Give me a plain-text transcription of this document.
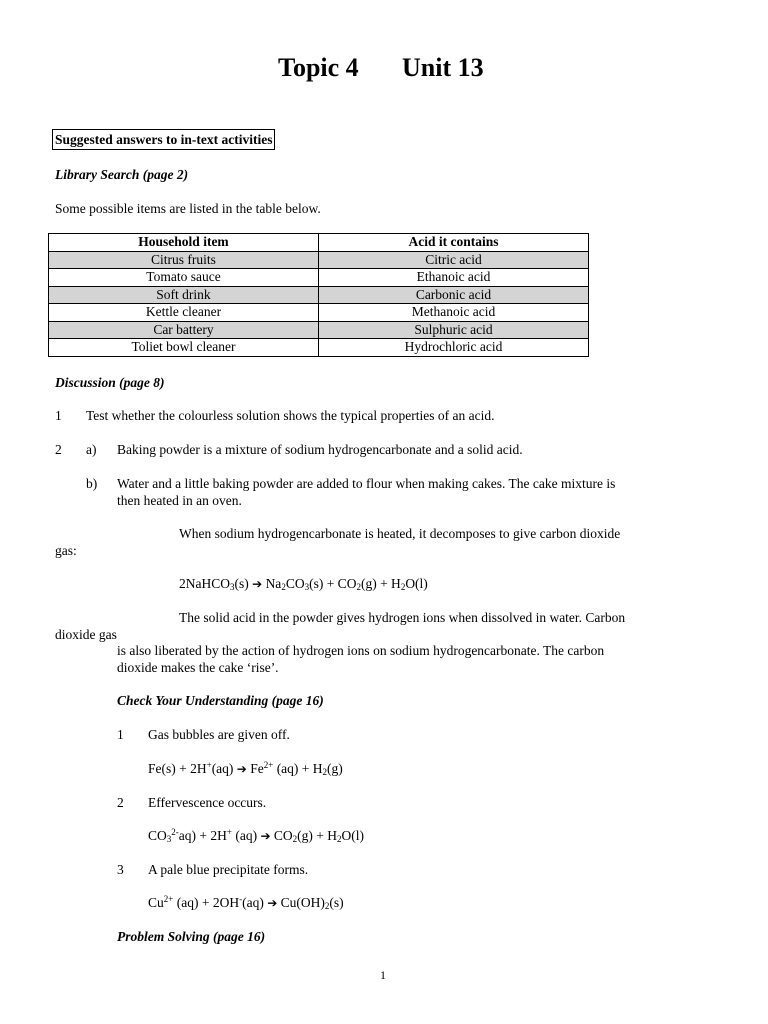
Topic 4 Unit 13
Suggested answers to in-text activities
Library Search (page 2)
Some possible items are listed in the table below.
Household item	Acid it contains
Citrus fruits	Citric acid
Tomato sauce	Ethanoic acid
Soft drink	Carbonic acid
Kettle cleaner	Methanoic acid
Car battery	Sulphuric acid
Toliet bowl cleaner	Hydrochloric acid
Discussion (page 8)
1 Test whether the colourless solution shows the typical properties of an acid.
2 a) Baking powder is a mixture of sodium hydrogencarbonate and a solid acid.
b) Water and a little baking powder are added to flour when making cakes. The cake mixture is
then heated in an oven.
When sodium hydrogencarbonate is heated, it decomposes to give carbon dioxide
gas:
2NaHCO$_3$(s) ➔ $Na_2CO_3(s) + CO_2(g) + H_2O(l)$
The solid acid in the powder gives hydrogen ions when dissolved in water. Carbon
dioxide gas
is also liberated by the action of hydrogen ions on sodium hydrogencarbonate. The carbon
dioxide makes the cake ‘rise’.
Check Your Understanding (page 16)
1 Gas bubbles are given off.
Fe(s) + 2H+(aq) ➔ $Fe^{2+}$ $(aq) + H_2(g)$
2 Effervescence occurs.
$CO_3^{2-}aq) + 2H^+$ (aq) ➔ $CO_2(g) + H_2O(l)$
3 A pale blue precipitate forms.
$Cu^{2+}$ (aq) + 2OH-(aq) ➔ $Cu(OH)_2(s)$
Problem Solving (page 16)
1
